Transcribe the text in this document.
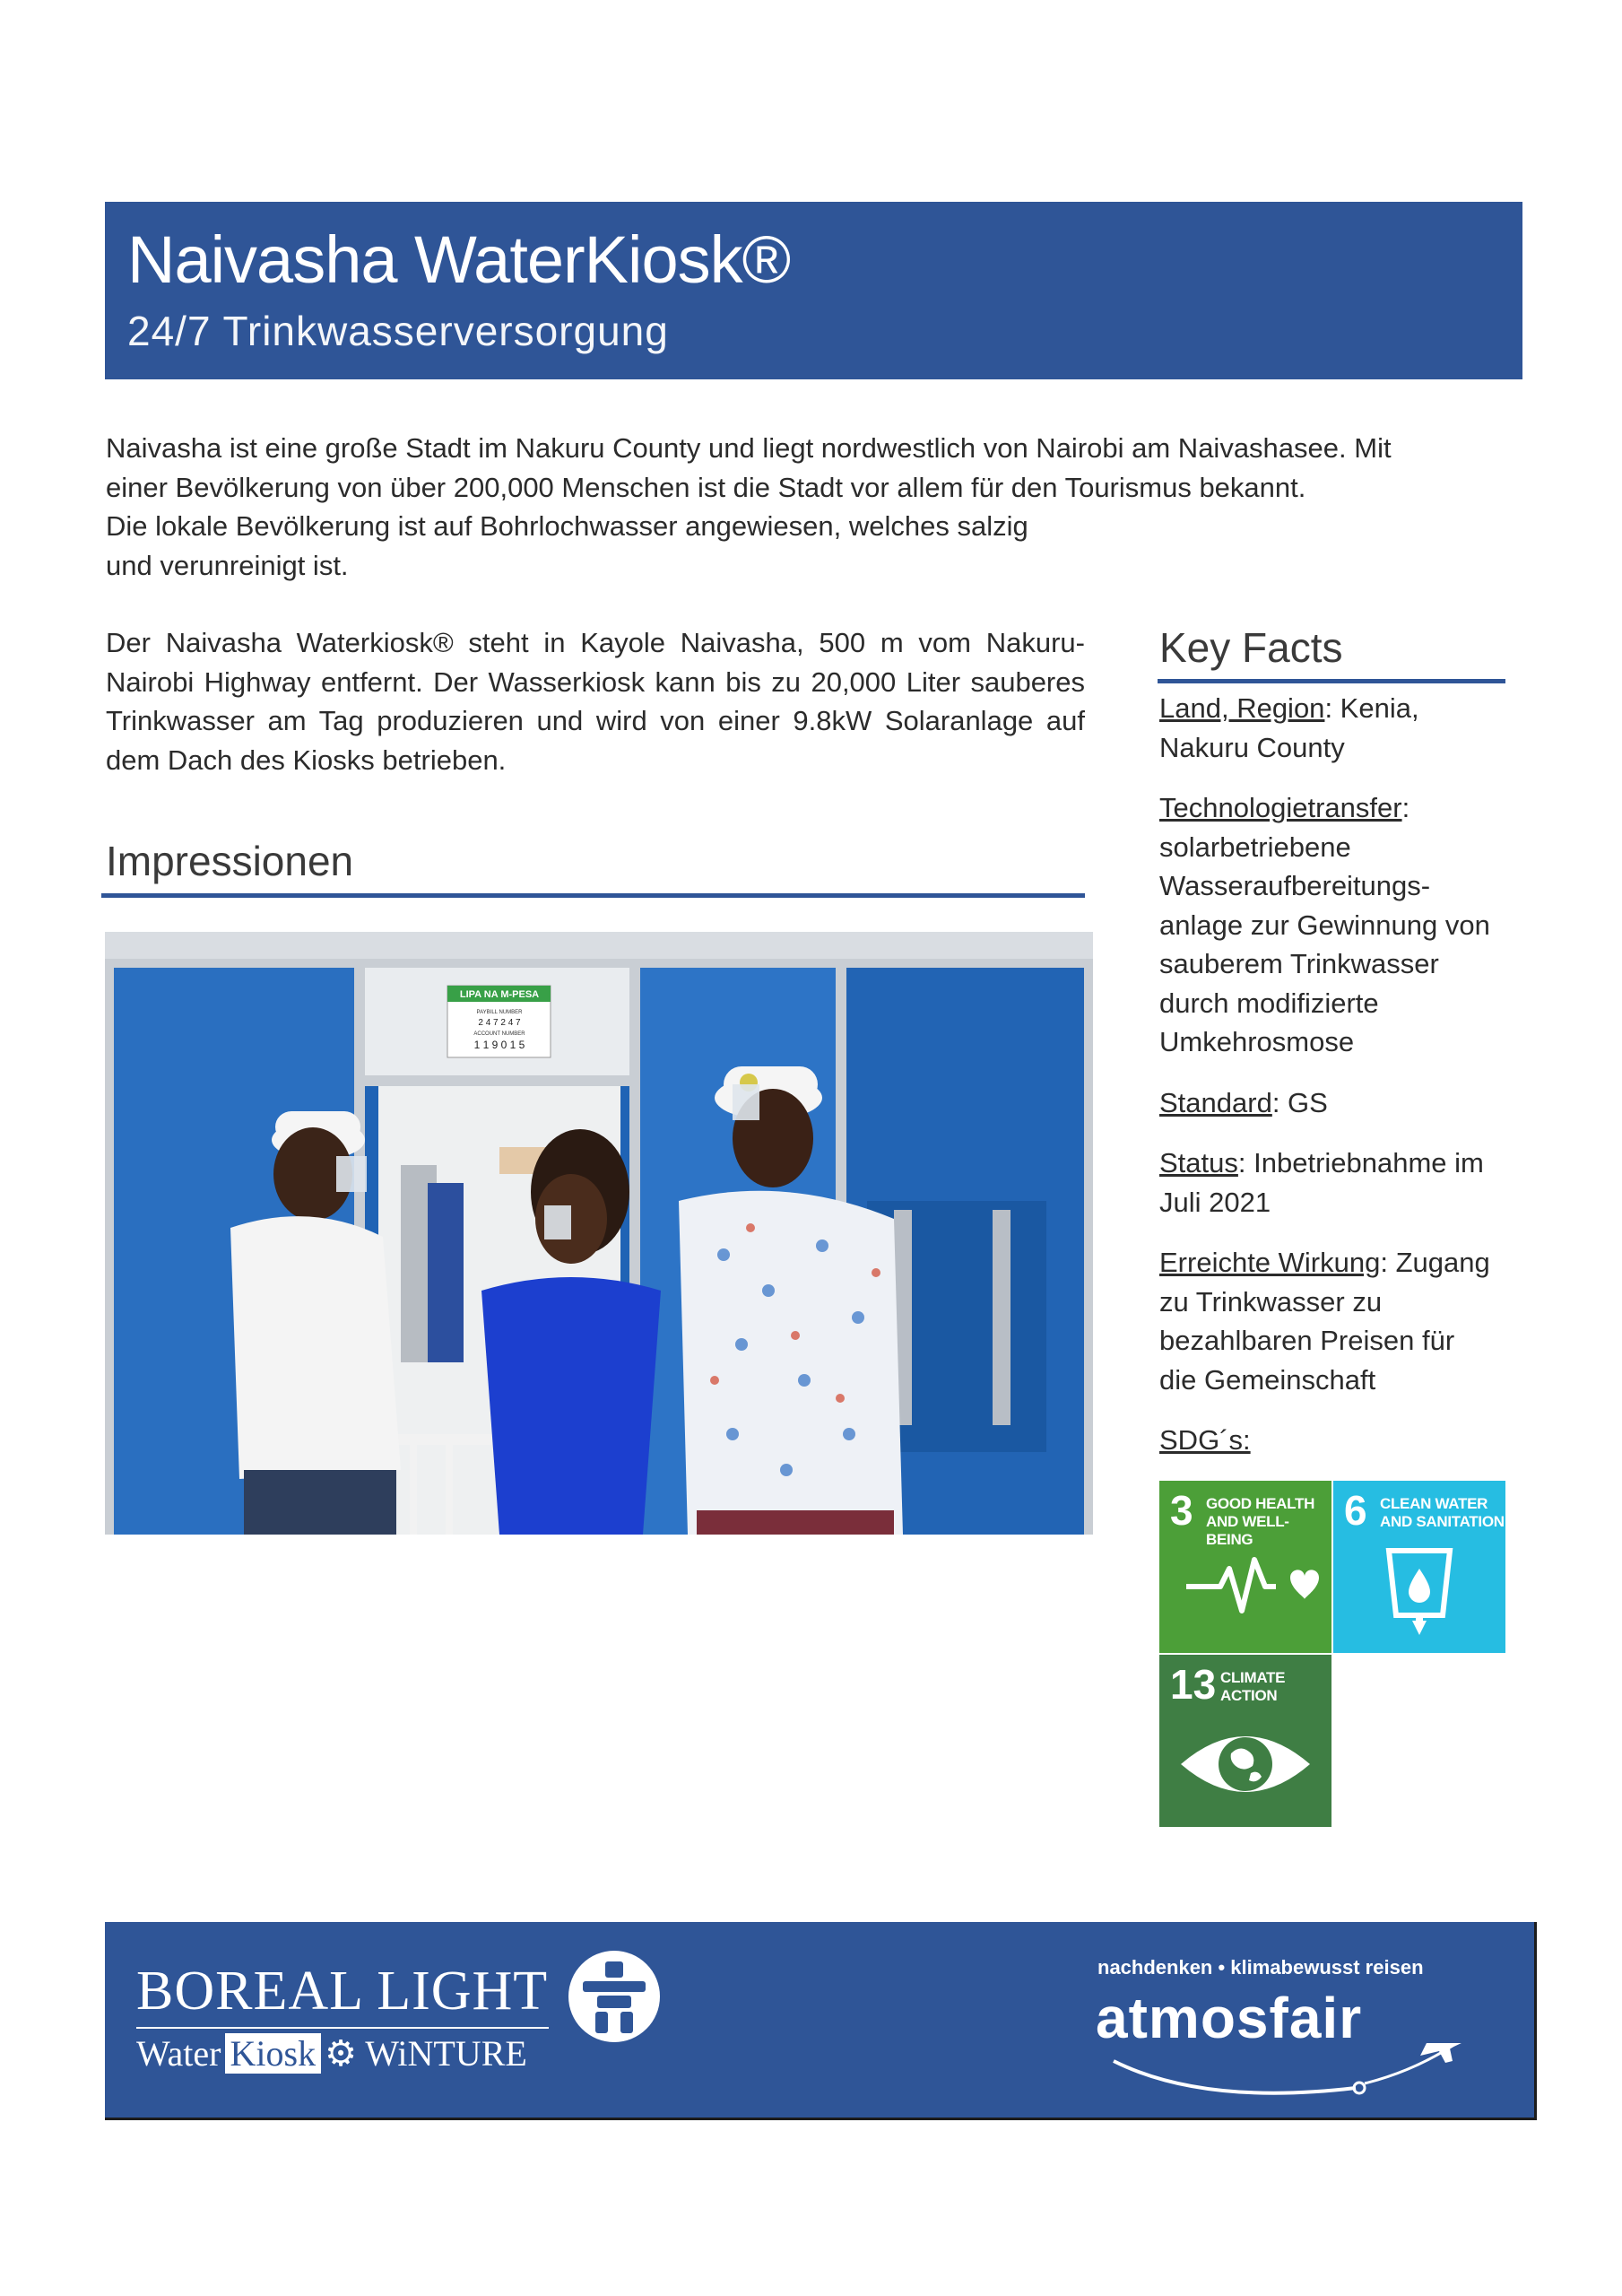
Naivasha WaterKiosk®
24/7 Trinkwasserversorgung
Naivasha ist eine große Stadt im Nakuru County und liegt nordwestlich von Nairobi am Naivashasee. Mit
einer Bevölkerung von über 200,000 Menschen ist die Stadt vor allem für den Tourismus bekannt.
Die lokale Bevölkerung ist auf Bohrlochwasser angewiesen, welches salzig
und verunreinigt ist.
Der Naivasha Waterkiosk® steht in Kayole Naivasha, 500 m vom Nakuru-
Nairobi Highway entfernt. Der Wasserkiosk kann bis zu 20,000 Liter sauberes
Trinkwasser am Tag produzieren und wird von einer 9.8kW Solaranlage auf
dem Dach des Kiosks betrieben.
Impressionen
LIPA NA M-PESA
PAYBILL NUMBER
2 4 7 2 4 7
ACCOUNT NUMBER
1 1 9 0 1 5
Key Facts
Land, Region: Kenia,
Nakuru County
Technologietransfer:
solarbetriebene
Wasseraufbereitungs-
anlage zur Gewinnung von
sauberem Trinkwasser
durch modifizierte
Umkehrosmose
Standard: GS
Status: Inbetriebnahme im
Juli 2021
Erreichte Wirkung: Zugang
zu Trinkwasser zu
bezahlbaren Preisen für
die Gemeinschaft
SDG´s:
3 GOOD HEALTH
AND WELL-BEING
6 CLEAN WATER
AND SANITATION
13 CLIMATE
ACTION
BOREAL LIGHT
Water Kiosk ⚙ WiNTURE
nachdenken • klimabewusst reisen
atmosfair
